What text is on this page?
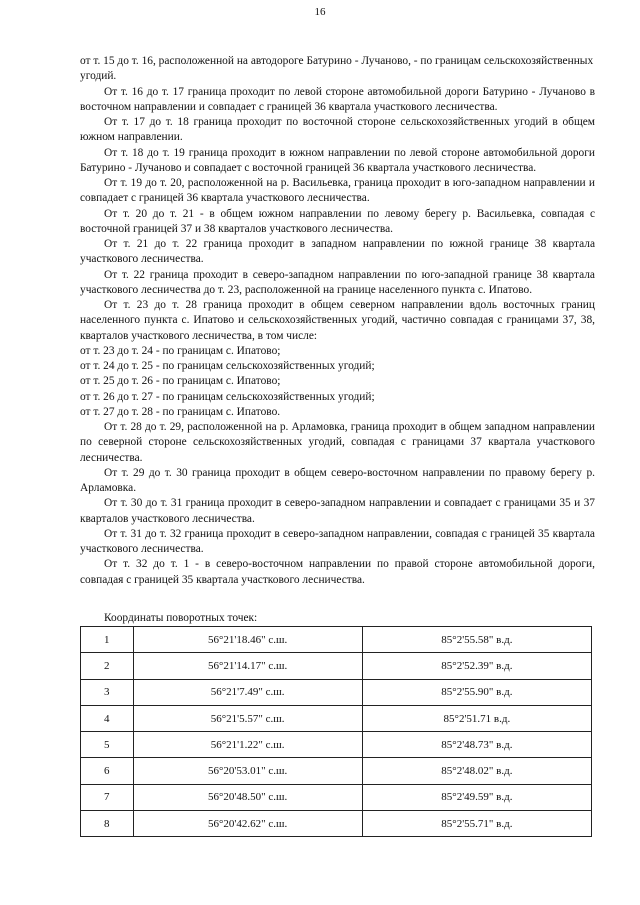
16

от т. 15 до т. 16, расположенной на автодороге Батурино - Лучаново, - по границам сельскохозяйственных угодий.

От т. 16 до т. 17 граница проходит по левой стороне автомобильной дороги Батурино - Лучаново в восточном направлении и совпадает с границей 36 квартала участкового лесничества.

От т. 17 до т. 18 граница проходит по восточной стороне сельскохозяйственных угодий в общем южном направлении.

От т. 18 до т. 19 граница проходит в южном направлении по левой стороне автомобильной дороги Батурино - Лучаново и совпадает с восточной границей 36 квартала участкового лесничества.

От т. 19 до т. 20, расположенной на р. Васильевка, граница проходит в юго-западном направлении и совпадает с границей 36 квартала участкового лесничества.

От т. 20 до т. 21 - в общем южном направлении по левому берегу р. Васильевка, совпадая с восточной границей 37 и 38 кварталов участкового лесничества.

От т. 21 до т. 22 граница проходит в западном направлении по южной границе 38 квартала участкового лесничества.

От т. 22 граница проходит в северо-западном направлении по юго-западной границе 38 квартала участкового лесничества до т. 23, расположенной на границе населенного пункта с. Ипатово.

От т. 23 до т. 28 граница проходит в общем северном направлении вдоль восточных границ населенного пункта с. Ипатово и сельскохозяйственных угодий, частично совпадая с границами 37, 38, кварталов участкового лесничества, в том числе:

от т. 23 до т. 24 - по границам с. Ипатово;

от т. 24 до т. 25 - по границам сельскохозяйственных угодий;

от т. 25 до т. 26 - по границам с. Ипатово;

от т. 26 до т. 27 - по границам сельскохозяйственных угодий;

от т. 27 до т. 28 - по границам с. Ипатово.

От т. 28 до т. 29, расположенной на р. Арламовка, граница проходит в общем западном направлении по северной стороне сельскохозяйственных угодий, совпадая с границами 37 квартала участкового лесничества.

От т. 29 до т. 30 граница проходит в общем северо-восточном направлении по правому берегу р. Арламовка.

От т. 30 до т. 31 граница проходит в северо-западном направлении и совпадает с границами 35 и 37 кварталов участкового лесничества.

От т. 31 до т. 32 граница проходит в северо-западном направлении, совпадая с границей 35 квартала участкового лесничества.

От т. 32 до т. 1 - в северо-восточном направлении по правой стороне автомобильной дороги, совпадая с границей 35 квартала участкового лесничества.

Координаты поворотных точек:
1	56°21'18.46" с.ш.	85°2'55.58" в.д.
2	56°21'14.17" с.ш.	85°2'52.39" в.д.
3	56°21'7.49" с.ш.	85°2'55.90" в.д.
4	56°21'5.57" с.ш.	85°2'51.71 в.д.
5	56°21'1.22" с.ш.	85°2'48.73" в.д.
6	56°20'53.01" с.ш.	85°2'48.02" в.д.
7	56°20'48.50" с.ш.	85°2'49.59" в.д.
8	56°20'42.62" с.ш.	85°2'55.71" в.д.
